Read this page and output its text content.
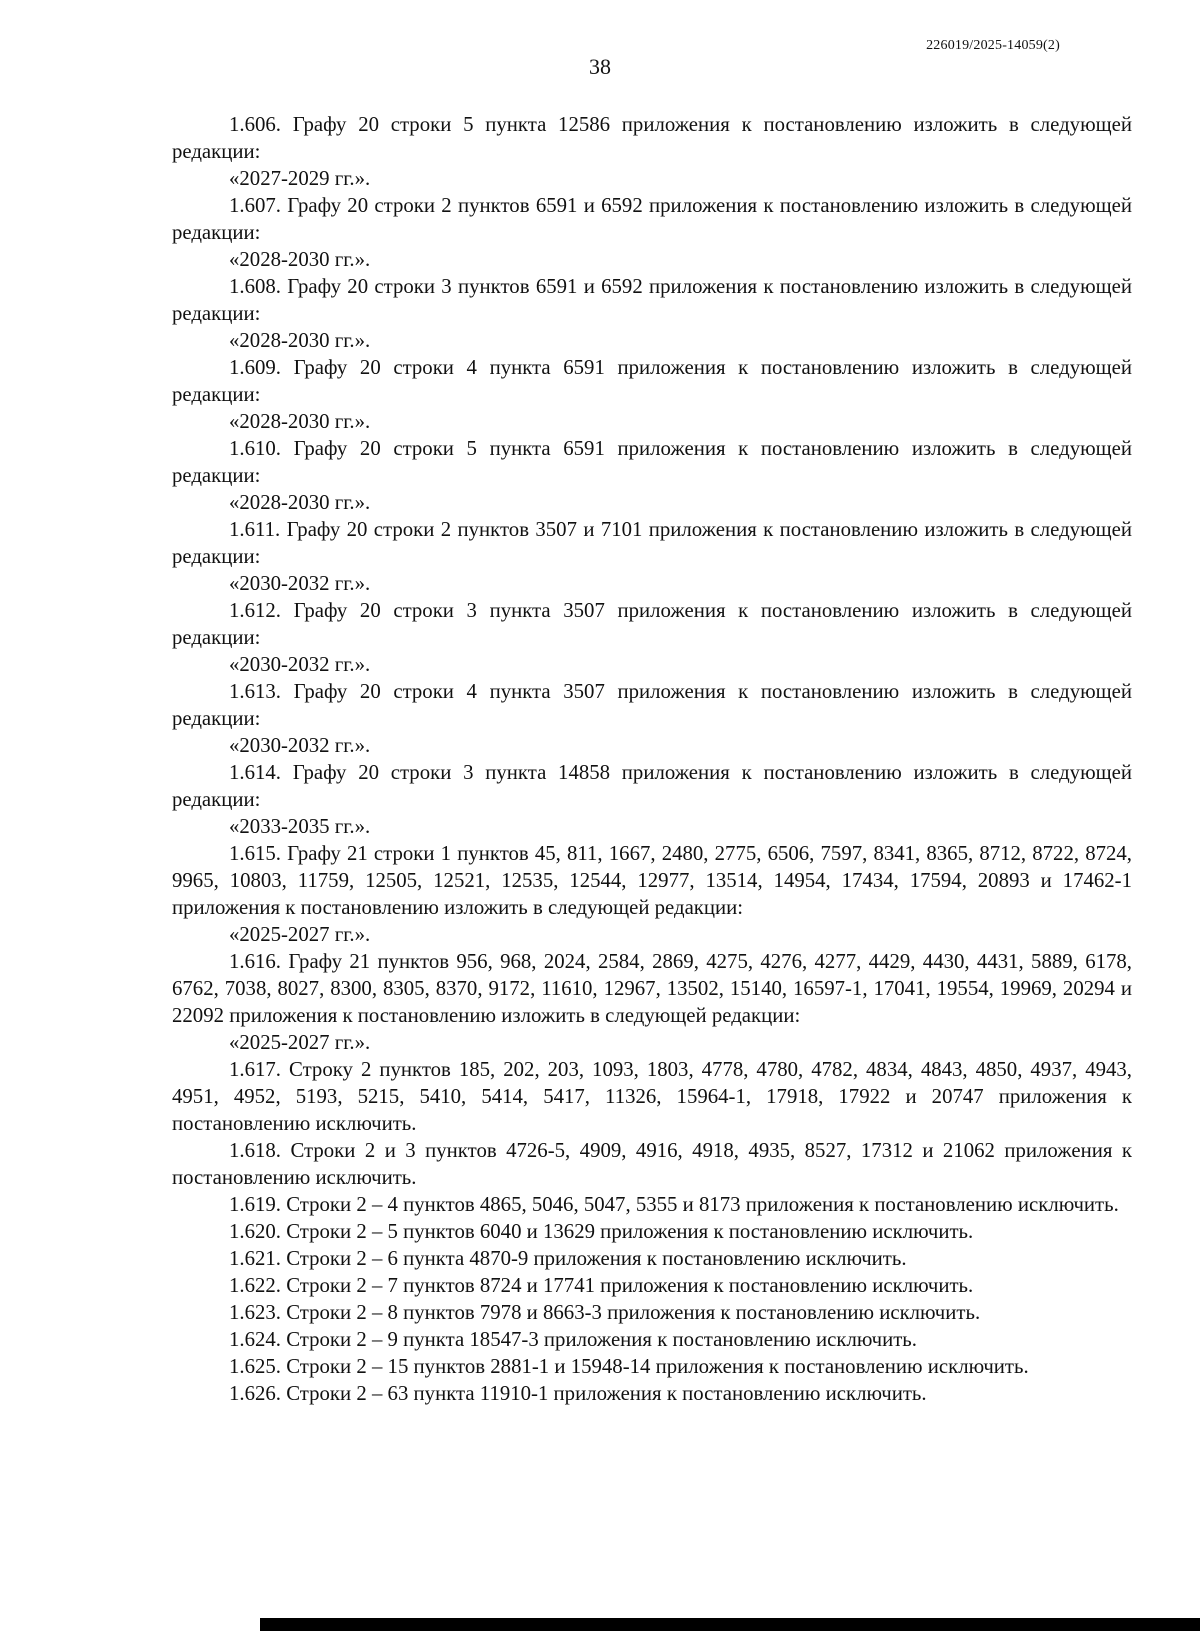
226019/2025-14059(2)
38

1.606. Графу 20 строки 5 пункта 12586 приложения к постановлению изложить в следующей редакции:

«2027-2029 гг.».

1.607. Графу 20 строки 2 пунктов 6591 и 6592 приложения к постановлению изложить в следующей редакции:

«2028-2030 гг.».

1.608. Графу 20 строки 3 пунктов 6591 и 6592 приложения к постановлению изложить в следующей редакции:

«2028-2030 гг.».

1.609. Графу 20 строки 4 пункта 6591 приложения к постановлению изложить в следующей редакции:

«2028-2030 гг.».

1.610. Графу 20 строки 5 пункта 6591 приложения к постановлению изложить в следующей редакции:

«2028-2030 гг.».

1.611. Графу 20 строки 2 пунктов 3507 и 7101 приложения к постановлению изложить в следующей редакции:

«2030-2032 гг.».

1.612. Графу 20 строки 3 пункта 3507 приложения к постановлению изложить в следующей редакции:

«2030-2032 гг.».

1.613. Графу 20 строки 4 пункта 3507 приложения к постановлению изложить в следующей редакции:

«2030-2032 гг.».

1.614. Графу 20 строки 3 пункта 14858 приложения к постановлению изложить в следующей редакции:

«2033-2035 гг.».

1.615. Графу 21 строки 1 пунктов 45, 811, 1667, 2480, 2775, 6506, 7597, 8341, 8365, 8712, 8722, 8724, 9965, 10803, 11759, 12505, 12521, 12535, 12544, 12977, 13514, 14954, 17434, 17594, 20893 и 17462-1 приложения к постановлению изложить в следующей редакции:

«2025-2027 гг.».

1.616. Графу 21 пунктов 956, 968, 2024, 2584, 2869, 4275, 4276, 4277, 4429, 4430, 4431, 5889, 6178, 6762, 7038, 8027, 8300, 8305, 8370, 9172, 11610, 12967, 13502, 15140, 16597-1, 17041, 19554, 19969, 20294 и 22092 приложения к постановлению изложить в следующей редакции:

«2025-2027 гг.».

1.617. Строку 2 пунктов 185, 202, 203, 1093, 1803, 4778, 4780, 4782, 4834, 4843, 4850, 4937, 4943, 4951, 4952, 5193, 5215, 5410, 5414, 5417, 11326, 15964-1, 17918, 17922 и 20747 приложения к постановлению исключить.

1.618. Строки 2 и 3 пунктов 4726-5, 4909, 4916, 4918, 4935, 8527, 17312 и 21062 приложения к постановлению исключить.

1.619. Строки 2 – 4 пунктов 4865, 5046, 5047, 5355 и 8173 приложения к постановлению исключить.

1.620. Строки 2 – 5 пунктов 6040 и 13629 приложения к постановлению исключить.

1.621. Строки 2 – 6 пункта 4870-9 приложения к постановлению исключить.

1.622. Строки 2 – 7 пунктов 8724 и 17741 приложения к постановлению исключить.

1.623. Строки 2 – 8 пунктов 7978 и 8663-3 приложения к постановлению исключить.

1.624. Строки 2 – 9 пункта 18547-3 приложения к постановлению исключить.

1.625. Строки 2 – 15 пунктов 2881-1 и 15948-14 приложения к постановлению исключить.

1.626. Строки 2 – 63 пункта 11910-1 приложения к постановлению исключить.
